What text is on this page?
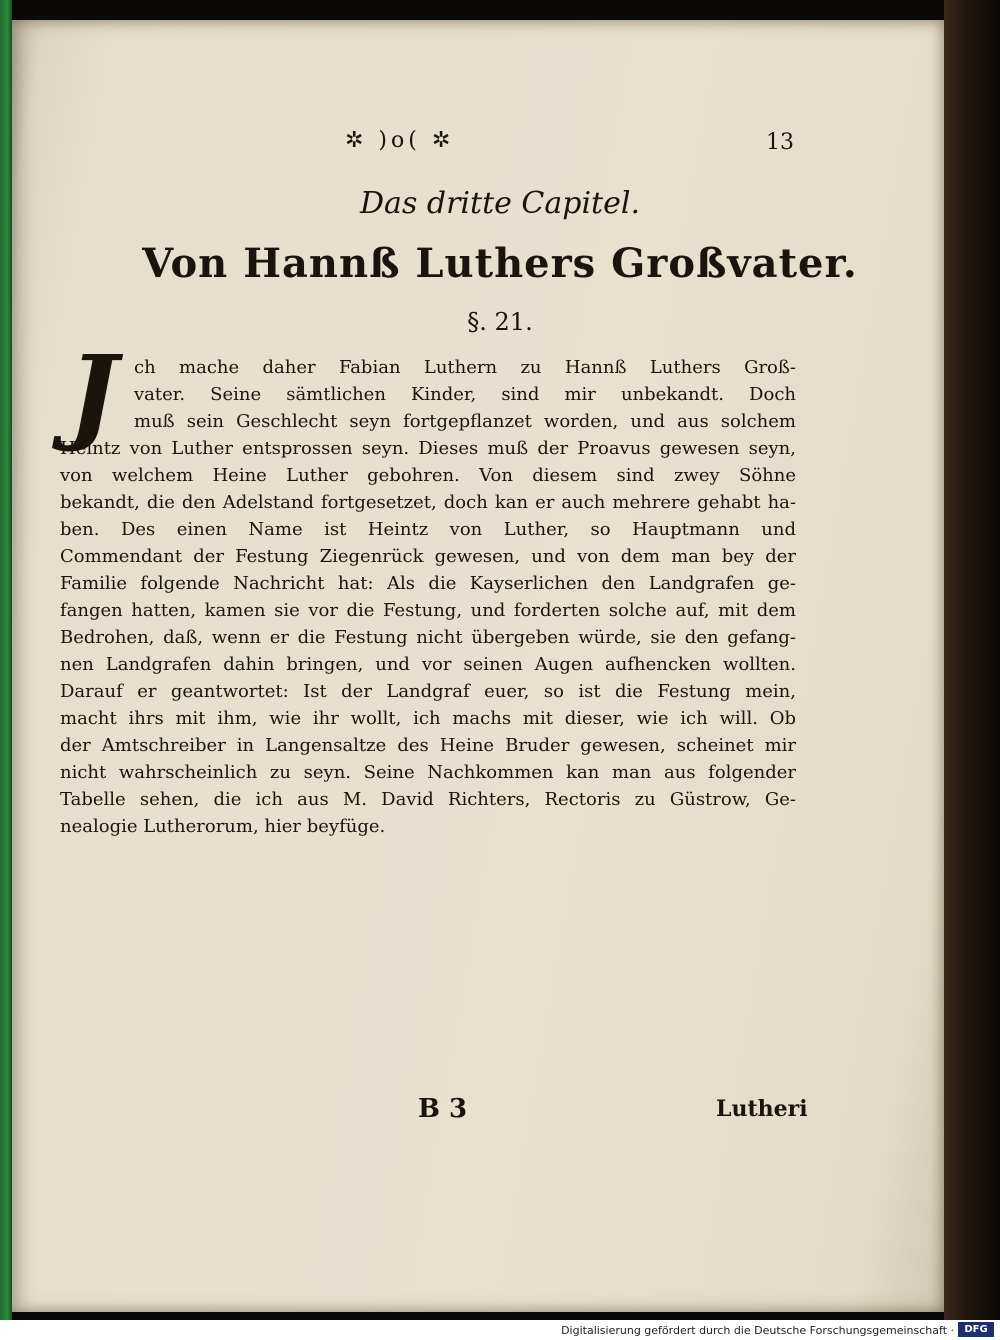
✲ )o( ✲	13
Das dritte Capitel.
Von Hannß Luthers Großvater.
§. 21.
J ch mache daher Fabian Luthern zu Hannß Luthers Groß-
vater. Seine sämtlichen Kinder, sind mir unbekandt. Doch
muß sein Geschlecht seyn fortgepflanzet worden, und aus solchem
Heintz von Luther entsprossen seyn. Dieses muß der Proavus gewesen seyn,
von welchem Heine Luther gebohren. Von diesem sind zwey Söhne
bekandt, die den Adelstand fortgesetzet, doch kan er auch mehrere gehabt ha-
ben. Des einen Name ist Heintz von Luther, so Hauptmann und
Commendant der Festung Ziegenrück gewesen, und von dem man bey der
Familie folgende Nachricht hat: Als die Kayserlichen den Landgrafen ge-
fangen hatten, kamen sie vor die Festung, und forderten solche auf, mit dem
Bedrohen, daß, wenn er die Festung nicht übergeben würde, sie den gefang-
nen Landgrafen dahin bringen, und vor seinen Augen aufhencken wollten.
Darauf er geantwortet: Ist der Landgraf euer, so ist die Festung mein,
macht ihrs mit ihm, wie ihr wollt, ich machs mit dieser, wie ich will. Ob
der Amtschreiber in Langensaltze des Heine Bruder gewesen, scheinet mir
nicht wahrscheinlich zu seyn. Seine Nachkommen kan man aus folgender
Tabelle sehen, die ich aus M. David Richters, Rectoris zu Güstrow, Ge-
nealogie Lutherorum, hier beyfüge.
B 3	Lutheri
Digitalisierung gefördert durch die Deutsche Forschungsgemeinschaft ·	DFG
